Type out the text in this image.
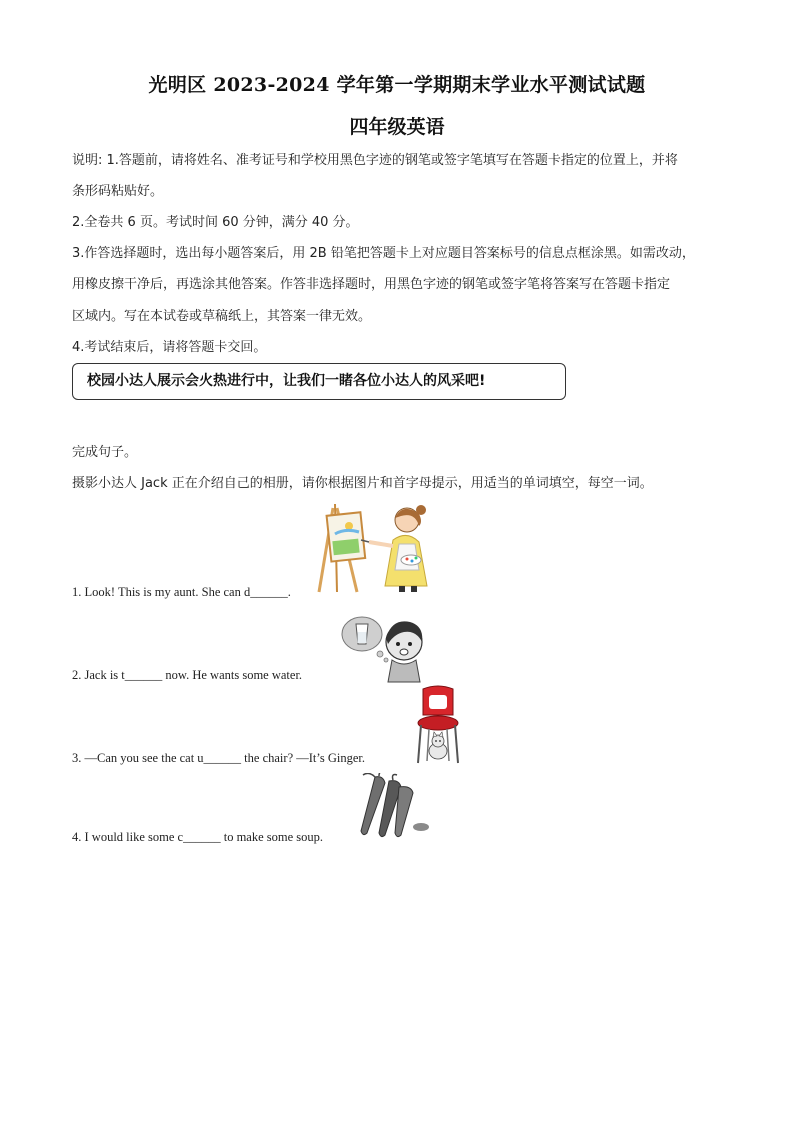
光明区 2023-2024 学年第一学期期末学业水平测试试题
四年级英语
说明: 1.答题前，请将姓名、准考证号和学校用黑色字迹的钢笔或签字笔填写在答题卡指定的位置上，并将
条形码粘贴好。
2.全卷共 6 页。考试时间 60 分钟，满分 40 分。
3.作答选择题时，选出每小题答案后，用 2B 铅笔把答题卡上对应题目答案标号的信息点框涂黑。如需改动，
用橡皮擦干净后，再选涂其他答案。作答非选择题时，用黑色字迹的钢笔或签字笔将答案写在答题卡指定
区域内。写在本试卷或草稿纸上，其答案一律无效。
4.考试结束后，请将答题卡交回。
校园小达人展示会火热进行中，让我们一睹各位小达人的风采吧!
完成句子。
摄影小达人 Jack 正在介绍自己的相册，请你根据图片和首字母提示，用适当的单词填空，每空一词。
1. Look! This is my aunt. She can d______.
2. Jack is t______ now. He wants some water.
3. —Can you see the cat u______ the chair? —It’s Ginger.
4. I would like some c______ to make some soup.
